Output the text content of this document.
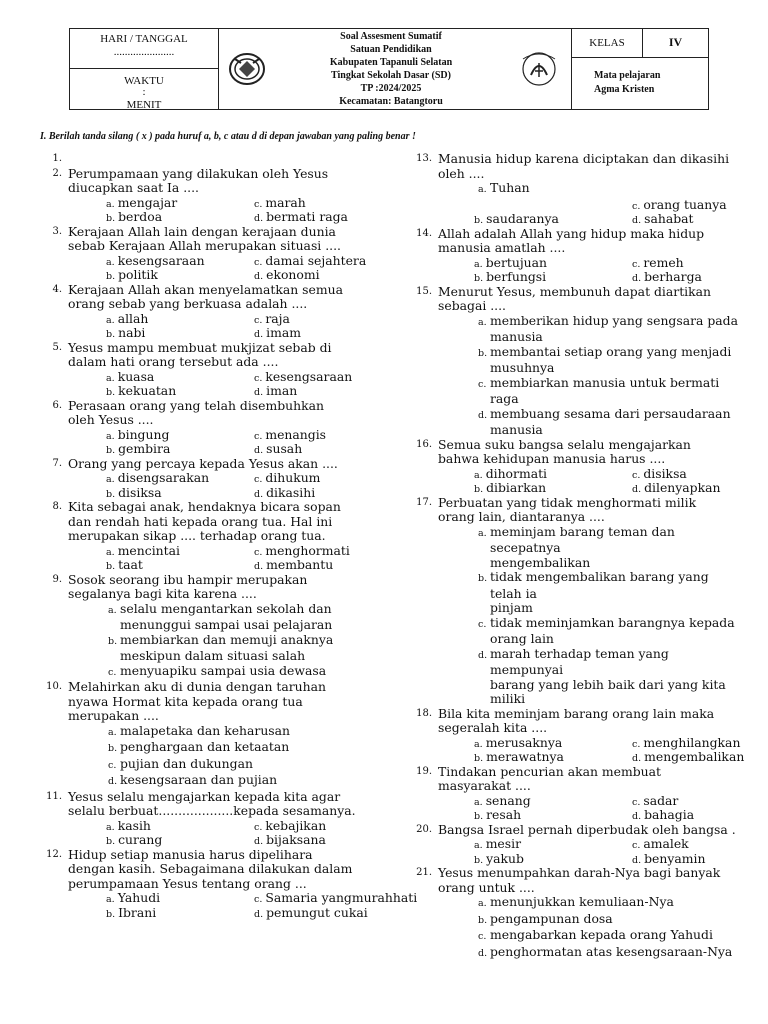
HARI / TANGGAL
......................
WAKTU
:
MENIT

Soal Assesment Sumatif
Satuan Pendidikan
Kabupaten Tapanuli Selatan
Tingkat Sekolah Dasar (SD)
TP :2024/2025
Kecamatan: Batangtoru

	KELAS	IV

Mata pelajaran
Agma Kristen
I. Berilah tanda silang ( x ) pada huruf a, b, c atau d di depan jawaban yang paling benar !
1.
2. Perumpamaan yang dilakukan oleh Yesus
diucapkan saat Ia ....
a. mengajar	c. marah
b. berdoa	d. bermati raga
3. Kerajaan Allah lain dengan kerajaan dunia
sebab Kerajaan Allah merupakan situasi ....
a. kesengsaraan	c. damai sejahtera
b. politik	d. ekonomi
4. Kerajaan Allah akan menyelamatkan semua
orang sebab yang berkuasa adalah ....
a. allah	c. raja
b. nabi	d. imam
5. Yesus mampu membuat mukjizat sebab di
dalam hati orang tersebut ada ....
a. kuasa	c. kesengsaraan
b. kekuatan	d. iman
6. Perasaan orang yang telah disembuhkan
oleh Yesus ....
a. bingung	c. menangis
b. gembira	d. susah
7. Orang yang percaya kepada Yesus akan ....
a. disengsarakan	c. dihukum
b. disiksa	d. dikasihi
8. Kita sebagai anak, hendaknya bicara sopan
dan rendah hati kepada orang tua. Hal ini
merupakan sikap .... terhadap orang tua.
a. mencintai	c. menghormati
b. taat	d. membantu
9. Sosok seorang ibu hampir merupakan
segalanya bagi kita karena ....
a. selalu mengantarkan sekolah dan
menunggui sampai usai pelajaran
b. membiarkan dan memuji anaknya
meskipun dalam situasi salah
c. menyuapiku sampai usia dewasa
10. Melahirkan aku di dunia dengan taruhan
nyawa Hormat kita kepada orang tua
merupakan ....
a. malapetaka dan keharusan
b. penghargaan dan ketaatan
c. pujian dan dukungan
d. kesengsaraan dan pujian
11. Yesus selalu mengajarkan kepada kita agar
selalu berbuat...................kepada sesamanya.
a. kasih	c. kebajikan
b. curang	d. bijaksana
12. Hidup setiap manusia harus dipelihara
dengan kasih. Sebagaimana dilakukan dalam
perumpamaan Yesus tentang orang ...
a. Yahudi	c. Samaria yangmurahhati
b. Ibrani	d. pemungut cukai
13. Manusia hidup karena diciptakan dan dikasihi
oleh ....
a. Tuhan
c. orang tuanya
b. saudaranya	d. sahabat
14. Allah adalah Allah yang hidup maka hidup
manusia amatlah ....
a. bertujuan	c. remeh
b. berfungsi	d. berharga
15. Menurut Yesus, membunuh dapat diartikan
sebagai ....
a. memberikan hidup yang sengsara pada
manusia
b. membantai setiap orang yang menjadi
musuhnya
c. membiarkan manusia untuk bermati raga

d. membuang sesama dari persaudaraan
manusia
16. Semua suku bangsa selalu mengajarkan
bahwa kehidupan manusia harus ....
a. dihormati	c. disiksa
b. dibiarkan	d. dilenyapkan
17. Perbuatan yang tidak menghormati milik
orang lain, diantaranya ....
a. meminjam barang teman dan secepatnya
mengembalikan
b. tidak mengembalikan barang yang telah ia
pinjam
c. tidak meminjamkan barangnya kepada
orang lain
d. marah terhadap teman yang mempunyai
barang yang lebih baik dari yang kita miliki
18. Bila kita meminjam barang orang lain maka
segeralah kita ....
a. merusaknya	c. menghilangkan
b. merawatnya	d. mengembalikan
19. Tindakan pencurian akan membuat
masyarakat ....
a. senang	c. sadar
b. resah	d. bahagia
20. Bangsa Israel pernah diperbudak oleh bangsa .
a. mesir	c. amalek
b. yakub	d. benyamin
21. Yesus menumpahkan darah-Nya bagi banyak
orang untuk ....
a. menunjukkan kemuliaan-Nya
b. pengampunan dosa
c. mengabarkan kepada orang Yahudi
d. penghormatan atas kesengsaraan-Nya
